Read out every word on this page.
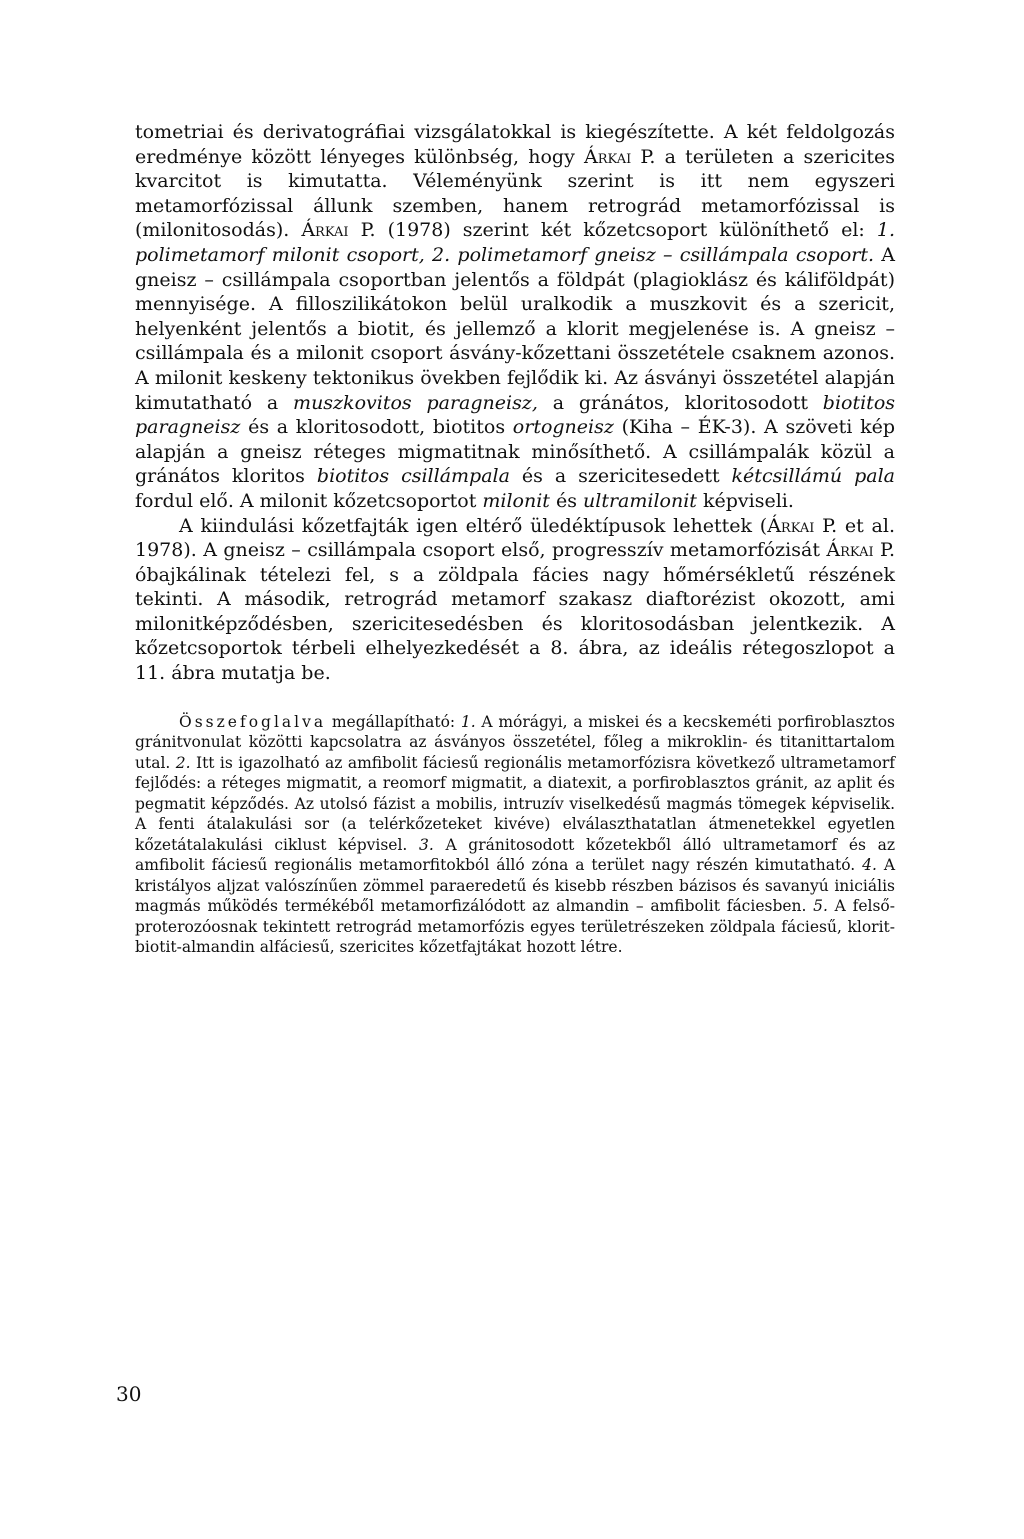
tometriai és derivatográfiai vizsgálatokkal is kiegészítette. A két feldolgozás eredménye között lényeges különbség, hogy Árkai P. a területen a szericites kvarcitot is kimutatta. Véleményünk szerint is itt nem egyszeri metamorfózissal állunk szemben, hanem retrográd metamorfózissal is (milonitosodás). Árkai P. (1978) szerint két kőzetcsoport különíthető el: 1. polimetamorf milonit csoport, 2. polimetamorf gneisz – csillámpala csoport. A gneisz – csillámpala csoportban jelentős a földpát (plagioklász és káliföldpát) mennyisége. A filloszilikátokon belül uralkodik a muszkovit és a szericit, helyenként jelentős a biotit, és jellemző a klorit megjelenése is. A gneisz – csillámpala és a milonit csoport ásvány-kőzettani összetétele csaknem azonos. A milonit keskeny tektonikus övekben fejlődik ki. Az ásványi összetétel alapján kimutatható a muszkovitos paragneisz, a gránátos, kloritosodott biotitos paragneisz és a kloritosodott, biotitos ortogneisz (Kiha – ÉK-3). A szöveti kép alapján a gneisz réteges migmatitnak minősíthető. A csillámpalák közül a gránátos kloritos biotitos csillámpala és a szericitesedett kétcsillámú pala fordul elő. A milonit kőzetcsoportot milonit és ultramilonit képviseli.

A kiindulási kőzetfajták igen eltérő üledéktípusok lehettek (Árkai P. et al. 1978). A gneisz – csillámpala csoport első, progresszív metamorfózisát Árkai P. óbajkálinak tételezi fel, s a zöldpala fácies nagy hőmérsékletű részének tekinti. A második, retrográd metamorf szakasz diaftorézist okozott, ami milonitképződésben, szericitesedésben és kloritosodásban jelentkezik. A kőzetcsoportok térbeli elhelyezkedését a 8. ábra, az ideális rétegoszlopot a 11. ábra mutatja be.

Összefoglalva megállapítható: 1. A mórágyi, a miskei és a kecskeméti porfiroblasztos gránitvonulat közötti kapcsolatra az ásványos összetétel, főleg a mikroklin- és titanittartalom utal. 2. Itt is igazolható az amfibolit fáciesű regionális metamorfózisra következő ultrametamorf fejlődés: a réteges migmatit, a reomorf migmatit, a diatexit, a porfiroblasztos gránit, az aplit és pegmatit képződés. Az utolsó fázist a mobilis, intruzív viselkedésű magmás tömegek képviselik. A fenti átalakulási sor (a telérkőzeteket kivéve) elválaszthatatlan átmenetekkel egyetlen kőzetátalakulási ciklust képvisel. 3. A gránitosodott kőzetekből álló ultrametamorf és az amfibolit fáciesű regionális metamorfitokból álló zóna a terület nagy részén kimutatható. 4. A kristályos aljzat valószínűen zömmel paraeredetű és kisebb részben bázisos és savanyú iniciális magmás működés termékéből metamorfizálódott az almandin – amfibolit fáciesben. 5. A felső-proterozóosnak tekintett retrográd metamorfózis egyes területrészeken zöldpala fáciesű, klorit-biotit-almandin alfáciesű, szericites kőzetfajtákat hozott létre.

30
